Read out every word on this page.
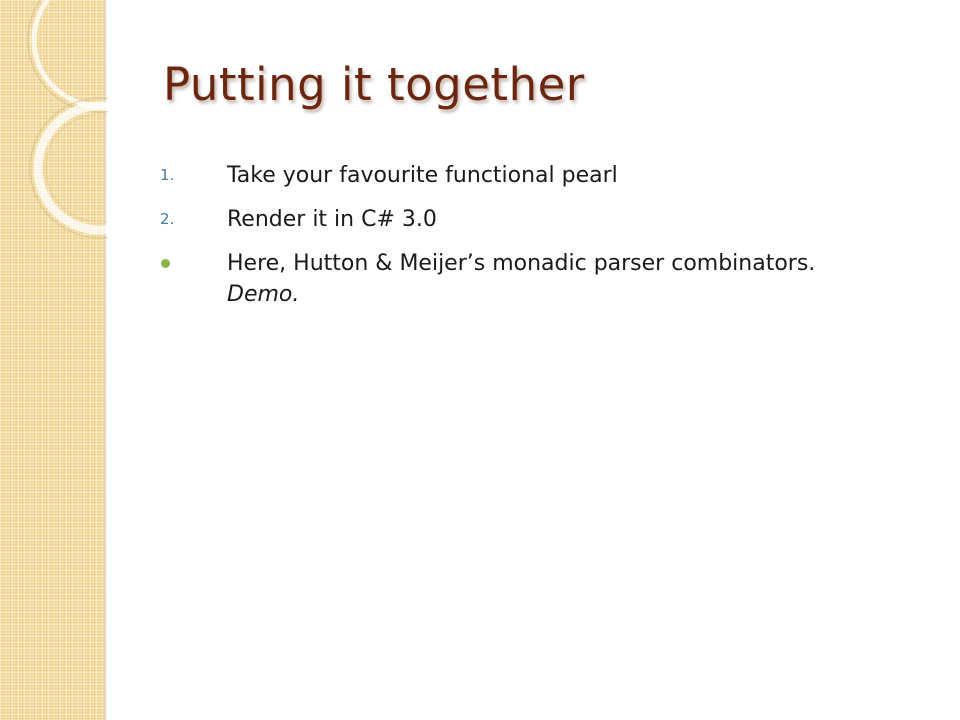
Putting it together
1. Take your favourite functional pearl
2. Render it in C# 3.0
Here, Hutton & Meijer’s monadic parser combinators.
Demo.
